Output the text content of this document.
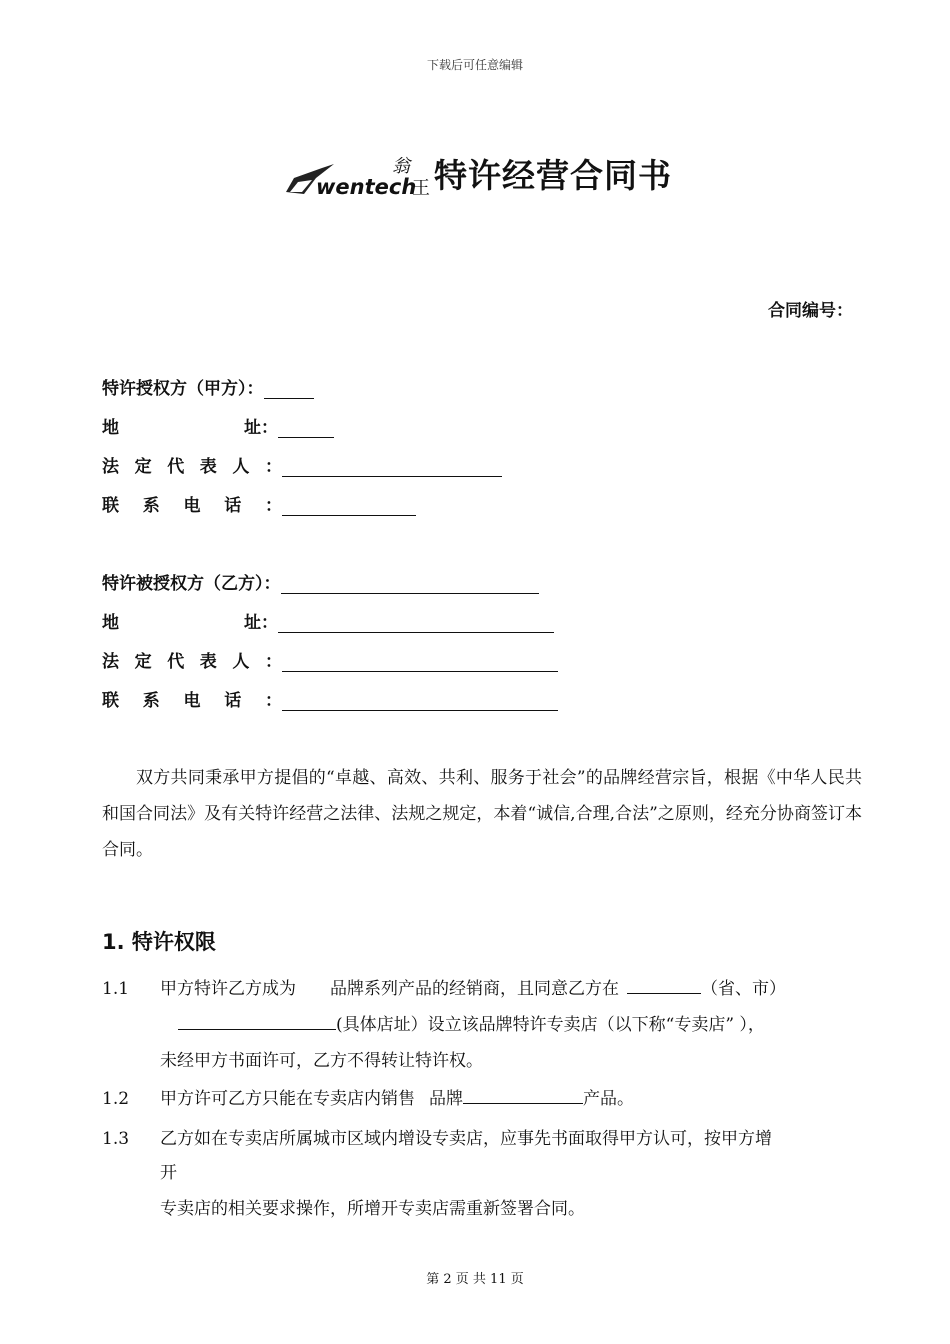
下载后可任意编辑
wentech
翁
王 特许经营合同书
合同编号：
特许授权方（甲方）：
地	址：
法定代表人：
联系电话：
特许被授权方（乙方）：
地	址：
法定代表人：
联系电话：
双方共同秉承甲方提倡的“卓越、高效、共利、服务于社会”的品牌经营宗旨，根据《中华人民共和国合同法》及有关特许经营之法律、法规之规定，本着“诚信,合理,合法”之原则，经充分协商签订本合同。
1. 特许权限
1.1 甲方特许乙方成为 品牌系列产品的经销商，且同意乙方在	（省、市）
(具体店址）设立该品牌特许专卖店（以下称“专卖店” ），
未经甲方书面许可，乙方不得转让特许权。
1.2 甲方许可乙方只能在专卖店内销售 品牌	产品。
1.3 乙方如在专卖店所属城市区域内增设专卖店，应事先书面取得甲方认可，按甲方增
开
专卖店的相关要求操作，所增开专卖店需重新签署合同。
第 2 页 共 11 页
